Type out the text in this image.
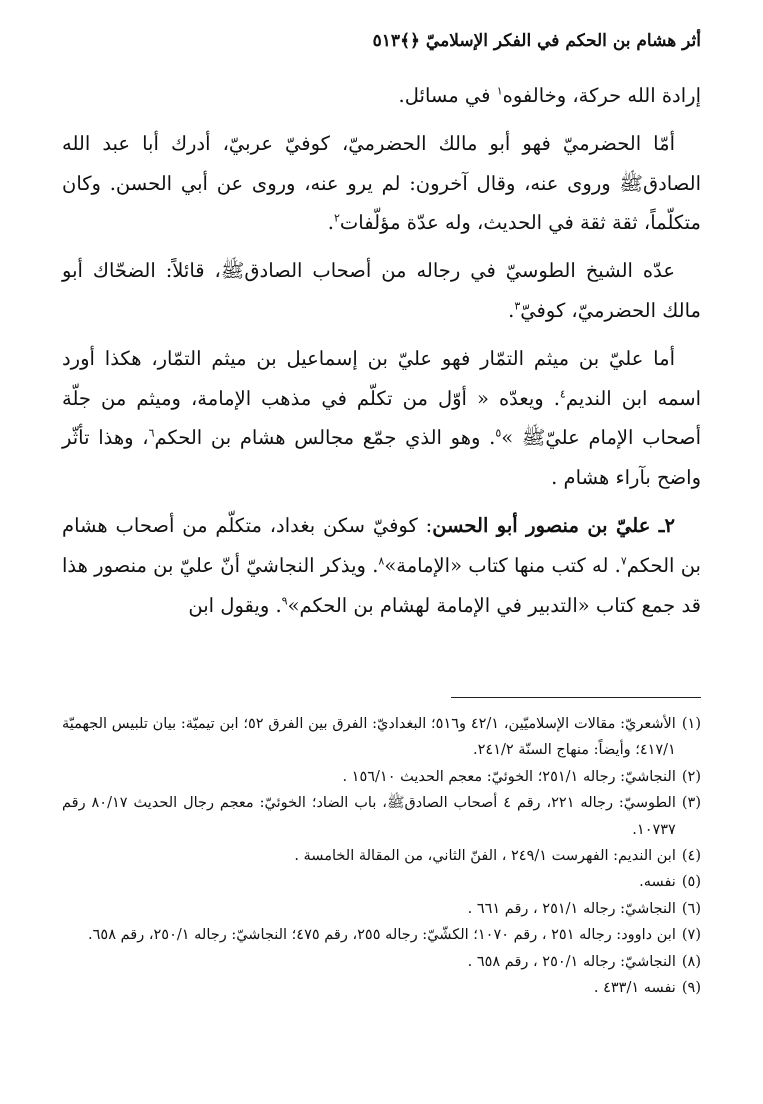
أثر هشام بن الحكم في الفكر الإسلاميّ ﴿﴾٥١٣

إرادة الله حركة، وخالفوه$^١$ في مسائل.

أمّا الحضرميّ فهو أبو مالك الحضرميّ، كوفيّ عربيّ، أدرك أبا عبد الله الصادقﷺ وروى عنه، وقال آخرون: لم يرو عنه، وروى عن أبي الحسن. وكان متكلّماً، ثقة ثقة في الحديث، وله عدّة مؤلّفات$^٢$.

عدّه الشيخ الطوسيّ في رجاله من أصحاب الصادقﷺ، قائلاً: الضحّاك أبو مالك الحضرميّ، كوفيّ$^٣$.

أما عليّ بن ميثم التمّار فهو عليّ بن إسماعيل بن ميثم التمّار، هكذا أورد اسمه ابن النديم$^٤$. ويعدّه « أوّل من تكلّم في مذهب الإمامة، وميثم من جلّة أصحاب الإمام عليّﷺ »$^٥$. وهو الذي جمّع مجالس هشام بن الحكم$^٦$، وهذا تأثّر واضح بآراء هشام .

٢ـ عليّ بن منصور أبو الحسن: كوفيّ سكن بغداد، متكلّم من أصحاب هشام بن الحكم$^٧$. له كتب منها كتاب «الإمامة»$^٨$. ويذكر النجاشيّ أنّ عليّ بن منصور هذا قد جمع كتاب «التدبير في الإمامة لهشام بن الحكم»$^٩$. ويقول ابن

(١)
الأشعريّ: مقالات الإسلاميّين، ٤٢/١ و٥١٦؛ البغداديّ: الفرق بين الفرق ٥٢؛ ابن تيميّة: بيان تلبيس الجهميّة ٤١٧/١؛ وأيضاً: منهاج السنّة ٢٤١/٢.
(٢)
النجاشيّ: رجاله ٢٥١/١؛ الخوئيّ: معجم الحديث ١٥٦/١٠ .
(٣)
الطوسيّ: رجاله ٢٢١، رقم ٤ أصحاب الصادقﷺ، باب الضاد؛ الخوئيّ: معجم رجال الحديث ٨٠/١٧ رقم ١٠٧٣٧.
(٤)
ابن النديم: الفهرست ٢٤٩/١ ، الفنّ الثاني، من المقالة الخامسة .
(٥)
نفسه.
(٦)
النجاشيّ: رجاله ٢٥١/١ ، رقم ٦٦١ .
(٧)
ابن داوود: رجاله ٢٥١ ، رقم ١٠٧٠؛ الكشّيّ: رجاله ٢٥٥، رقم ٤٧٥؛ النجاشيّ: رجاله ٢٥٠/١، رقم ٦٥٨.
(٨)
النجاشيّ: رجاله ٢٥٠/١ ، رقم ٦٥٨ .
(٩)
نفسه ٤٣٣/١ .
